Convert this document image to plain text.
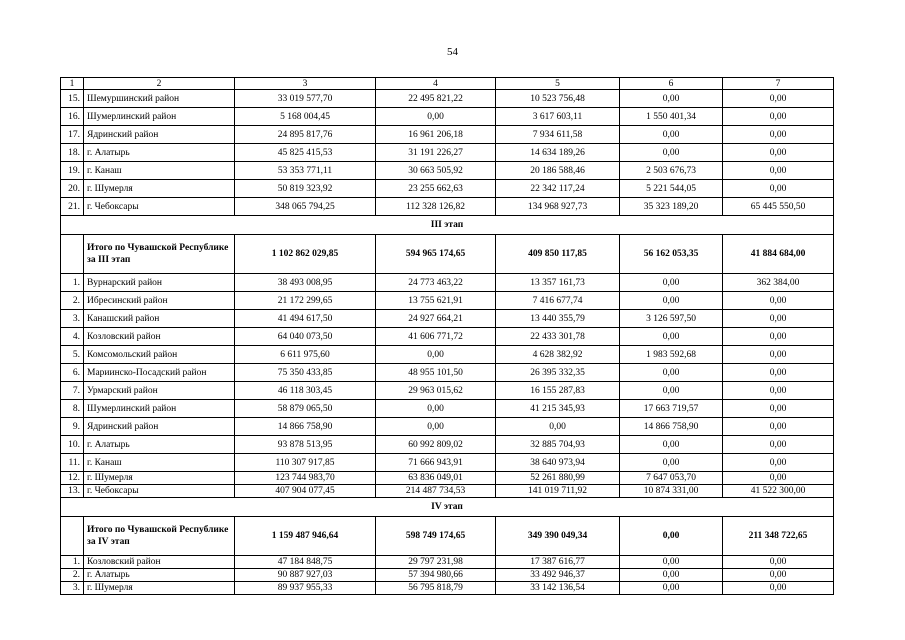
54
1	2	3	4	5	6	7
15.	Шемуршинский район	33 019 577,70	22 495 821,22	10 523 756,48	0,00	0,00
16.	Шумерлинский район	5 168 004,45	0,00	3 617 603,11	1 550 401,34	0,00
17.	Ядринский район	24 895 817,76	16 961 206,18	7 934 611,58	0,00	0,00
18.	г. Алатырь	45 825 415,53	31 191 226,27	14 634 189,26	0,00	0,00
19.	г. Канаш	53 353 771,11	30 663 505,92	20 186 588,46	2 503 676,73	0,00
20.	г. Шумерля	50 819 323,92	23 255 662,63	22 342 117,24	5 221 544,05	0,00
21.	г. Чебоксары	348 065 794,25	112 328 126,82	134 968 927,73	35 323 189,20	65 445 550,50
III этап						
	Итого по Чувашской Республике за III этап	1 102 862 029,85	594 965 174,65	409 850 117,85	56 162 053,35	41 884 684,00
1.	Вурнарский район	38 493 008,95	24 773 463,22	13 357 161,73	0,00	362 384,00
2.	Ибресинский район	21 172 299,65	13 755 621,91	7 416 677,74	0,00	0,00
3.	Канашский район	41 494 617,50	24 927 664,21	13 440 355,79	3 126 597,50	0,00
4.	Козловский район	64 040 073,50	41 606 771,72	22 433 301,78	0,00	0,00
5.	Комсомольский район	6 611 975,60	0,00	4 628 382,92	1 983 592,68	0,00
6.	Мариинско-Посадский район	75 350 433,85	48 955 101,50	26 395 332,35	0,00	0,00
7.	Урмарский район	46 118 303,45	29 963 015,62	16 155 287,83	0,00	0,00
8.	Шумерлинский район	58 879 065,50	0,00	41 215 345,93	17 663 719,57	0,00
9.	Ядринский район	14 866 758,90	0,00	0,00	14 866 758,90	0,00
10.	г. Алатырь	93 878 513,95	60 992 809,02	32 885 704,93	0,00	0,00
11.	г. Канаш	110 307 917,85	71 666 943,91	38 640 973,94	0,00	0,00
12.	г. Шумерля	123 744 983,70	63 836 049,01	52 261 880,99	7 647 053,70	0,00
13.	г. Чебоксары	407 904 077,45	214 487 734,53	141 019 711,92	10 874 331,00	41 522 300,00
IV этап						
	Итого по Чувашской Республике за IV этап	1 159 487 946,64	598 749 174,65	349 390 049,34	0,00	211 348 722,65
1.	Козловский район	47 184 848,75	29 797 231,98	17 387 616,77	0,00	0,00
2.	г. Алатырь	90 887 927,03	57 394 980,66	33 492 946,37	0,00	0,00
3.	г. Шумерля	89 937 955,33	56 795 818,79	33 142 136,54	0,00	0,00
